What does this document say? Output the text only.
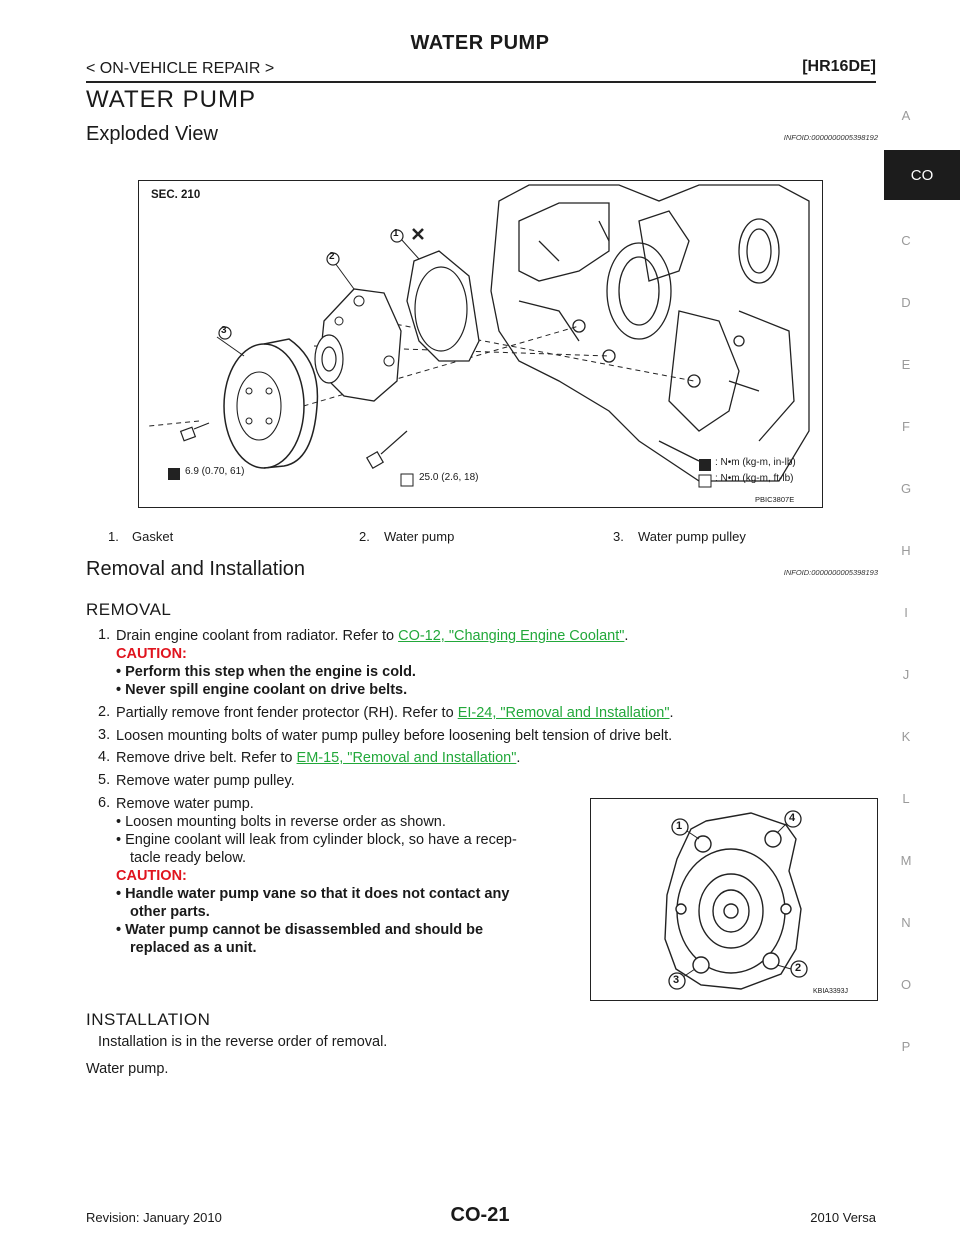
WATER PUMP
< ON-VEHICLE REPAIR >	[HR16DE]
A
CO
C
D
E
F
G
H
I
J
K
L
M
N
O
P
WATER PUMP
Exploded View	INFOID:0000000005398192
SEC. 210
1
2
3
6.9 (0.70, 61)
25.0 (2.6, 18)
: N•m (kg-m, in-lb)
: N•m (kg-m, ft-lb)
PBIC3807E
1. Gasket	2. Water pump	3. Water pump pulley
Removal and Installation	INFOID:0000000005398193
REMOVAL
1. Drain engine coolant from radiator. Refer to CO-12, "Changing Engine Coolant".
CAUTION:
• Perform this step when the engine is cold.
• Never spill engine coolant on drive belts.
2. Partially remove front fender protector (RH). Refer to EI-24, "Removal and Installation".
3. Loosen mounting bolts of water pump pulley before loosening belt tension of drive belt.
4. Remove drive belt. Refer to EM-15, "Removal and Installation".
5. Remove water pump pulley.
6. Remove water pump.
• Loosen mounting bolts in reverse order as shown.
• Engine coolant will leak from cylinder block, so have a recep-
tacle ready below.
CAUTION:
• Handle water pump vane so that it does not contact any
other parts.
• Water pump cannot be disassembled and should be
replaced as a unit.
1
4
3
2
KBIA3393J
INSTALLATION
Installation is in the reverse order of removal.
Water pump.
Revision: January 2010	CO-21	2010 Versa
